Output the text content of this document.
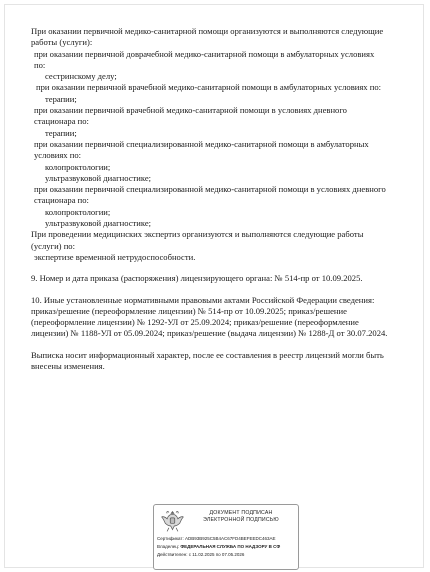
При оказании первичной медико-санитарной помощи организуются и выполняются следующие
работы (услуги):
при оказании первичной доврачебной медико-санитарной помощи в амбулаторных условиях
по:
сестринскому делу;
при оказании первичной врачебной медико-санитарной помощи в амбулаторных условиях по:
терапии;
при оказании первичной врачебной медико-санитарной помощи в условиях дневного
стационара по:
терапии;
при оказании первичной специализированной медико-санитарной помощи в амбулаторных
условиях по:
колопроктологии;
ультразвуковой диагностике;
при оказании первичной специализированной медико-санитарной помощи в условиях дневного
стационара по:
колопроктологии;
ультразвуковой диагностике;
При проведении медицинских экспертиз организуются и выполняются следующие работы
(услуги) по:
экспертизе временной нетрудоспособности.
9. Номер и дата приказа (распоряжения) лицензирующего органа: № 514-пр от 10.09.2025.
10. Иные установленные нормативными правовыми актами Российской Федерации сведения:
приказ/решение (переоформление лицензии) № 514-пр от 10.09.2025; приказ/решение
(переоформление лицензии) № 1292-УЛ от 25.09.2024; приказ/решение (переоформление
лицензии) № 1188-УЛ от 05.09.2024; приказ/решение (выдача лицензии) № 1288-Д от 30.07.2024.
Выписка носит информационный характер, после ее составления в реестр лицензий могли быть
внесены изменения.
ДОКУМЕНТ ПОДПИСАН
ЭЛЕКТРОННОЙ ПОДПИСЬЮ
Сертификат: ADB93B925C5B4AC67FD4BEFEEDC463AE
Владелец: ФЕДЕРАЛЬНАЯ СЛУЖБА ПО НАДЗОРУ В СФ
Действителен: с 11.02.2025 по 07.05.2026
